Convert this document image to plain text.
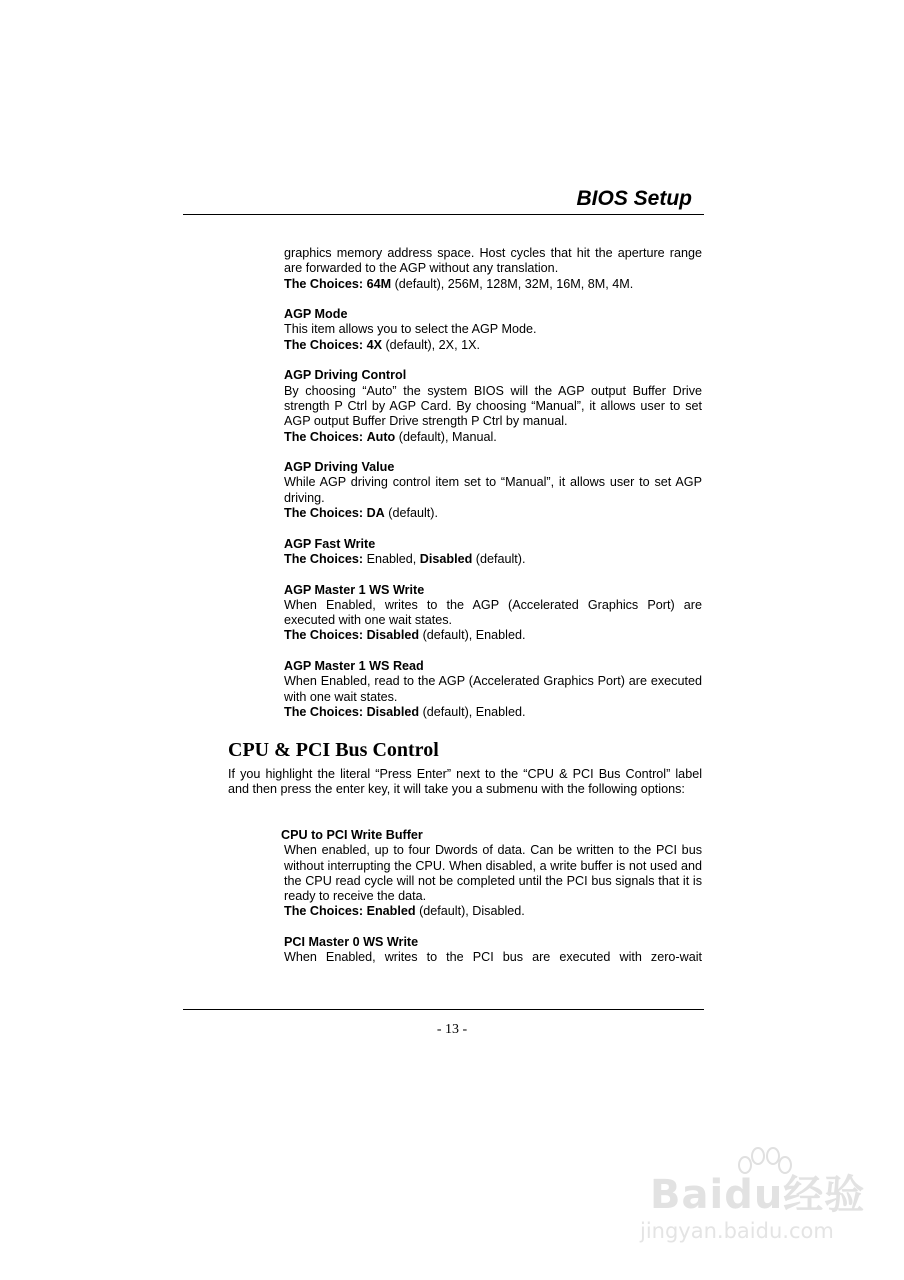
BIOS Setup
graphics memory address space. Host cycles that hit the aperture range are forwarded to the AGP without any translation.
The Choices: 64M (default), 256M, 128M, 32M, 16M, 8M, 4M.
AGP Mode
This item allows you to select the AGP Mode.
The Choices: 4X (default), 2X, 1X.
AGP Driving Control
By choosing “Auto” the system BIOS will the AGP output Buffer Drive strength P Ctrl by AGP Card. By choosing “Manual”, it allows user to set AGP output Buffer Drive strength P Ctrl by manual.
The Choices: Auto (default), Manual.
AGP Driving Value
While AGP driving control item set to “Manual”, it allows user to set AGP driving.
The Choices: DA (default).
AGP Fast Write
The Choices: Enabled, Disabled (default).
AGP Master 1 WS Write
When Enabled, writes to the AGP (Accelerated Graphics Port) are executed with one wait states.
The Choices: Disabled (default), Enabled.
AGP Master 1 WS Read
When Enabled, read to the AGP (Accelerated Graphics Port) are executed with one wait states.
The Choices: Disabled (default), Enabled.
CPU & PCI Bus Control
If you highlight the literal “Press Enter” next to the “CPU & PCI Bus Control” label and then press the enter key, it will take you a submenu with the following options:
CPU to PCI Write Buffer
When enabled, up to four Dwords of data. Can be written to the PCI bus without interrupting the CPU. When disabled, a write buffer is not used and the CPU read cycle will not be completed until the PCI bus signals that it is ready to receive the data.
The Choices: Enabled (default), Disabled.
PCI Master 0 WS Write
When Enabled, writes to the PCI bus are executed with zero-wait
- 13 -
Baidu经验
jingyan.baidu.com
